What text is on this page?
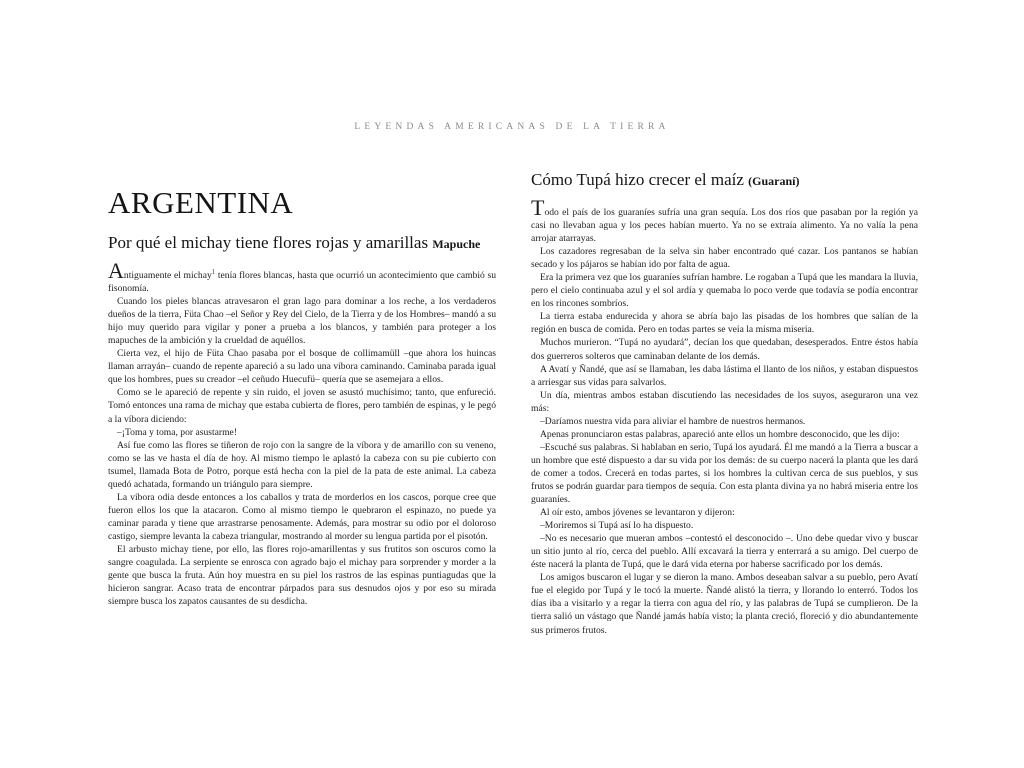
LEYENDAS AMERICANAS DE LA TIERRA
ARGENTINA
Por qué el michay tiene flores rojas y amarillas Mapuche

Antiguamente el michay$^1$ tenía flores blancas, hasta que ocurrió un acontecimiento que cambió su fisonomía.

Cuando los pieles blancas atravesaron el gran lago para dominar a los reche, a los verdaderos dueños de la tierra, Füta Chao –el Señor y Rey del Cielo, de la Tierra y de los Hombres– mandó a su hijo muy querido para vigilar y poner a prueba a los blancos, y también para proteger a los mapuches de la ambición y la crueldad de aquéllos.

Cierta vez, el hijo de Füta Chao pasaba por el bosque de collimamüll –que ahora los huincas llaman arrayán– cuando de repente apareció a su lado una víbora caminando. Caminaba parada igual que los hombres, pues su creador –el ceñudo Huecufü– quería que se asemejara a ellos.

Como se le apareció de repente y sin ruido, el joven se asustó muchísimo; tanto, que enfureció. Tomó entonces una rama de michay que estaba cubierta de flores, pero también de espinas, y le pegó a la víbora diciendo:

–¡Toma y toma, por asustarme!

Así fue como las flores se tiñeron de rojo con la sangre de la víbora y de amarillo con su veneno, como se las ve hasta el día de hoy. Al mismo tiempo le aplastó la cabeza con su pie cubierto con tsumel, llamada Bota de Potro, porque está hecha con la piel de la pata de este animal. La cabeza quedó achatada, formando un triángulo para siempre.

La víbora odia desde entonces a los caballos y trata de morderlos en los cascos, porque cree que fueron ellos los que la atacaron. Como al mismo tiempo le quebraron el espinazo, no puede ya caminar parada y tiene que arrastrarse penosamente. Además, para mostrar su odio por el doloroso castigo, siempre levanta la cabeza triangular, mostrando al morder su lengua partida por el pisotón.

El arbusto michay tiene, por ello, las flores rojo-amarillentas y sus frutitos son oscuros como la sangre coagulada. La serpiente se enrosca con agrado bajo el michay para sorprender y morder a la gente que busca la fruta. Aún hoy muestra en su piel los rastros de las espinas puntiagudas que la hicieron sangrar. Acaso trata de encontrar párpados para sus desnudos ojos y por eso su mirada siempre busca los zapatos causantes de su desdicha.

Cómo Tupá hizo crecer el maíz (Guaraní)

Todo el país de los guaraníes sufría una gran sequía. Los dos ríos que pasaban por la región ya casi no llevaban agua y los peces habían muerto. Ya no se extraía alimento. Ya no valía la pena arrojar atarrayas.

Los cazadores regresaban de la selva sin haber encontrado qué cazar. Los pantanos se habían secado y los pájaros se habían ido por falta de agua.

Era la primera vez que los guaraníes sufrían hambre. Le rogaban a Tupá que les mandara la lluvia, pero el cielo continuaba azul y el sol ardía y quemaba lo poco verde que todavía se podía encontrar en los rincones sombríos.

La tierra estaba endurecida y ahora se abría bajo las pisadas de los hombres que salían de la región en busca de comida. Pero en todas partes se veía la misma miseria.

Muchos murieron. “Tupá no ayudará”, decían los que quedaban, desesperados. Entre éstos había dos guerreros solteros que caminaban delante de los demás.

A Avatí y Ñandé, que así se llamaban, les daba lástima el llanto de los niños, y estaban dispuestos a arriesgar sus vidas para salvarlos.

Un día, mientras ambos estaban discutiendo las necesidades de los suyos, aseguraron una vez más:

–Daríamos nuestra vida para aliviar el hambre de nuestros hermanos.

Apenas pronunciaron estas palabras, apareció ante ellos un hombre desconocido, que les dijo:

–Escuché sus palabras. Si hablaban en serio, Tupá los ayudará. Él me mandó a la Tierra a buscar a un hombre que esté dispuesto a dar su vida por los demás: de su cuerpo nacerá la planta que les dará de comer a todos. Crecerá en todas partes, si los hombres la cultivan cerca de sus pueblos, y sus frutos se podrán guardar para tiempos de sequía. Con esta planta divina ya no habrá miseria entre los guaraníes.

Al oír esto, ambos jóvenes se levantaron y dijeron:

–Moriremos si Tupá así lo ha dispuesto.

–No es necesario que mueran ambos –contestó el desconocido –. Uno debe quedar vivo y buscar un sitio junto al río, cerca del pueblo. Allí excavará la tierra y enterrará a su amigo. Del cuerpo de éste nacerá la planta de Tupá, que le dará vida eterna por haberse sacrificado por los demás.

Los amigos buscaron el lugar y se dieron la mano. Ambos deseaban salvar a su pueblo, pero Avatí fue el elegido por Tupá y le tocó la muerte. Ñandé alistó la tierra, y llorando lo enterró. Todos los días iba a visitarlo y a regar la tierra con agua del río, y las palabras de Tupá se cumplieron. De la tierra salió un vástago que Ñandé jamás había visto; la planta creció, floreció y dio abundantemente sus primeros frutos.
